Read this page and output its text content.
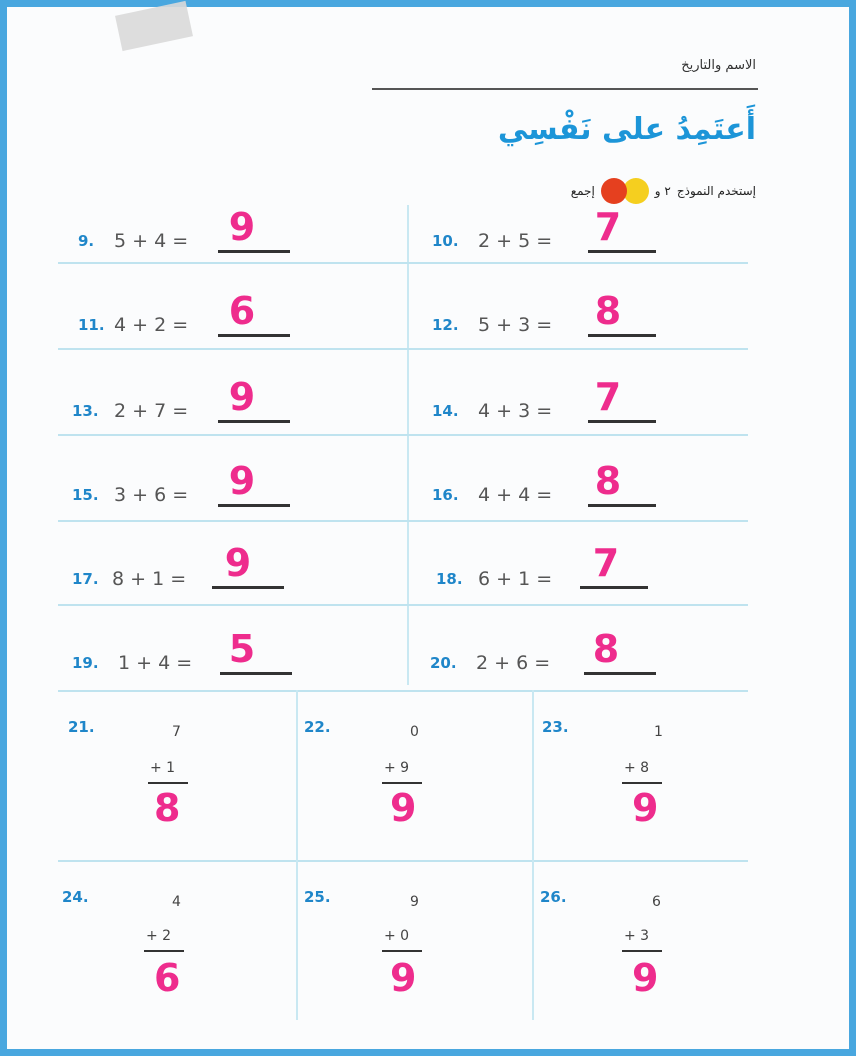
الاسم والتاريخ
أَعتَمِدُ على نَفْسِي
إستخدم النموذج
٢ و
إجمع
9. 5 + 4 = 9	10. 2 + 5 = 7
11. 4 + 2 = 6	12. 5 + 3 = 8
13. 2 + 7 = 9	14. 4 + 3 = 7
15. 3 + 6 = 9	16. 4 + 4 = 8
17. 8 + 1 = 9	18. 6 + 1 = 7
19. 1 + 4 = 5	20. 2 + 6 = 8
21.	7
+ 1
8
22.	0
+ 9
9
23.	1
+ 8
9
24.	4
+ 2
6
25.	9
+ 0
9
26.	6
+ 3
9
